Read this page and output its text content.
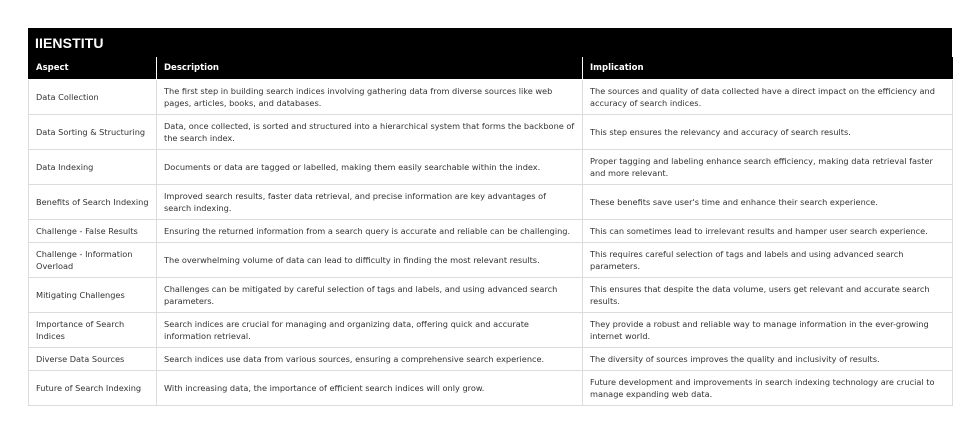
IIENSTITU
Aspect	Description	Implication
Data Collection	The first step in building search indices involving gathering data from diverse sources like web pages, articles, books, and databases.	The sources and quality of data collected have a direct impact on the efficiency and accuracy of search indices.
Data Sorting & Structuring	Data, once collected, is sorted and structured into a hierarchical system that forms the backbone of the search index.	This step ensures the relevancy and accuracy of search results.
Data Indexing	Documents or data are tagged or labelled, making them easily searchable within the index.	Proper tagging and labeling enhance search efficiency, making data retrieval faster and more relevant.
Benefits of Search Indexing	Improved search results, faster data retrieval, and precise information are key advantages of search indexing.	These benefits save user's time and enhance their search experience.
Challenge - False Results	Ensuring the returned information from a search query is accurate and reliable can be challenging.	This can sometimes lead to irrelevant results and hamper user search experience.
Challenge - Information Overload	The overwhelming volume of data can lead to difficulty in finding the most relevant results.	This requires careful selection of tags and labels and using advanced search parameters.
Mitigating Challenges	Challenges can be mitigated by careful selection of tags and labels, and using advanced search parameters.	This ensures that despite the data volume, users get relevant and accurate search results.
Importance of Search Indices	Search indices are crucial for managing and organizing data, offering quick and accurate information retrieval.	They provide a robust and reliable way to manage information in the ever-growing internet world.
Diverse Data Sources	Search indices use data from various sources, ensuring a comprehensive search experience.	The diversity of sources improves the quality and inclusivity of results.
Future of Search Indexing	With increasing data, the importance of efficient search indices will only grow.	Future development and improvements in search indexing technology are crucial to manage expanding web data.
